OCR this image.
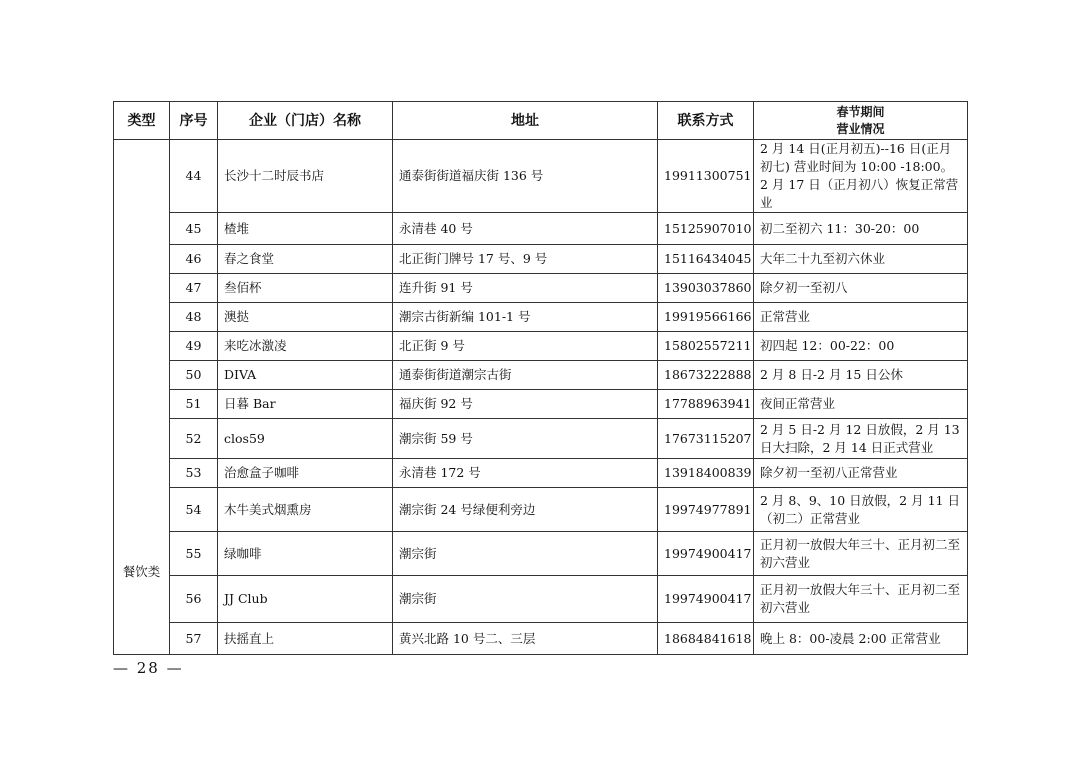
类型	序号	企业（门店）名称	地址	联系方式	春节期间
营业情况

餐饮类	44	长沙十二时辰书店	通泰街街道福庆街 136 号	19911300751	2 月 14 日(正月初五)--16 日(正月初七) 营业时间为 10:00 -18:00。2 月 17 日（正月初八）恢复正常营业
	45	楂堆	永清巷 40 号	15125907010	初二至初六 11：30-20：00
	46	春之食堂	北正街门牌号 17 号、9 号	15116434045	大年二十九至初六休业
	47	叁佰杯	连升街 91 号	13903037860	除夕初一至初八
	48	澳挞	潮宗古街新编 101-1 号	19919566166	正常营业
	49	来吃冰激凌	北正街 9 号	15802557211	初四起 12：00-22：00
	50	DIVA	通泰街街道潮宗古街	18673222888	2 月 8 日-2 月 15 日公休
	51	日暮 Bar	福庆街 92 号	17788963941	夜间正常营业
	52	clos59	潮宗街 59 号	17673115207	2 月 5 日-2 月 12 日放假，2 月 13 日大扫除，2 月 14 日正式营业
	53	治愈盒子咖啡	永清巷 172 号	13918400839	除夕初一至初八正常营业
	54	木牛美式烟熏房	潮宗街 24 号绿便利旁边	19974977891	2 月 8、9、10 日放假，2 月 11 日（初二）正常营业
	55	绿咖啡	潮宗街	19974900417	正月初一放假大年三十、正月初二至初六营业
	56	JJ Club	潮宗街	19974900417	正月初一放假大年三十、正月初二至初六营业
	57	扶摇直上	黄兴北路 10 号二、三层	18684841618	晚上 8：00-凌晨 2:00 正常营业
— 28 —
